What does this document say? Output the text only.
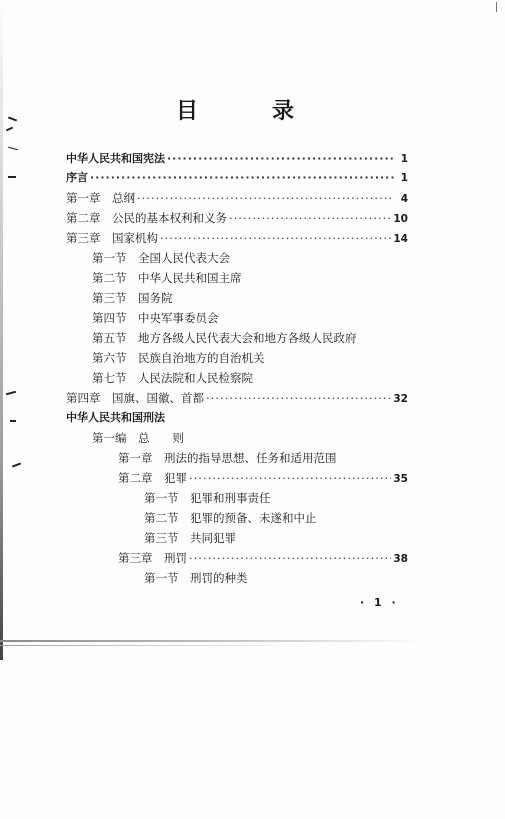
目	录
中华人民共和国宪法 ·····	1
序言 ·····	1
第一章　总纲 ·····	4
第二章　公民的基本权利和义务 ·····	10
第三章　国家机构 ·····	14
第一节　全国人民代表大会
第二节　中华人民共和国主席
第三节　国务院
第四节　中央军事委员会
第五节　地方各级人民代表大会和地方各级人民政府
第六节　民族自治地方的自治机关
第七节　人民法院和人民检察院
第四章　国旗、国徽、首都 ·····	32
中华人民共和国刑法
第一编　总　　则
第一章　刑法的指导思想、任务和适用范围
第二章　犯罪 ·····	35
第一节　犯罪和刑事责任
第二节　犯罪的预备、未遂和中止
第三节　共同犯罪
第三章　刑罚 ·····	38
第一节　刑罚的种类
· 1 ·
